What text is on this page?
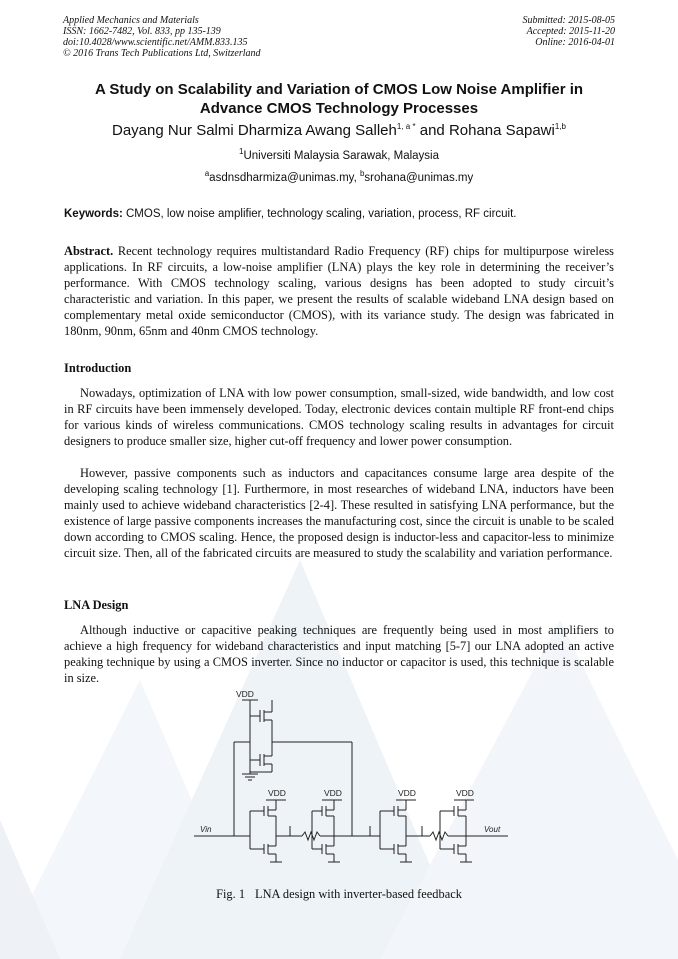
Applied Mechanics and Materials
ISSN: 1662-7482, Vol. 833, pp 135-139
doi:10.4028/www.scientific.net/AMM.833.135
© 2016 Trans Tech Publications Ltd, Switzerland
Submitted: 2015-08-05
Accepted: 2015-11-20
Online: 2016-04-01
A Study on Scalability and Variation of CMOS Low Noise Amplifier in
Advance CMOS Technology Processes
Dayang Nur Salmi Dharmiza Awang Salleh$^{1, a *}$ and Rohana Sapawi$^{1,b}$
$^1$Universiti Malaysia Sarawak, Malaysia
$^a$asdnsdharmiza@unimas.my, $^b$srohana@unimas.my
Keywords: CMOS, low noise amplifier, technology scaling, variation, process, RF circuit.
Abstract. Recent technology requires multistandard Radio Frequency (RF) chips for multipurpose wireless applications. In RF circuits, a low-noise amplifier (LNA) plays the key role in determining the receiver’s performance. With CMOS technology scaling, various designs has been adopted to study circuit’s characteristic and variation. In this paper, we present the results of scalable wideband LNA design based on complementary metal oxide semiconductor (CMOS), with its variance study. The design was fabricated in 180nm, 90nm, 65nm and 40nm CMOS technology.
Introduction
Nowadays, optimization of LNA with low power consumption, small-sized, wide bandwidth, and low cost in RF circuits have been immensely developed. Today, electronic devices contain multiple RF front-end chips for various kinds of wireless communications. CMOS technology scaling results in advantages for circuit designers to produce smaller size, higher cut-off frequency and lower power consumption.
However, passive components such as inductors and capacitances consume large area despite of the developing scaling technology [1]. Furthermore, in most researches of wideband LNA, inductors have been mainly used to achieve wideband characteristics [2-4]. These resulted in satisfying LNA performance, but the existence of large passive components increases the manufacturing cost, since the circuit is unable to be scaled down according to CMOS scaling. Hence, the proposed design is inductor-less and capacitor-less to minimize circuit size. Then, all of the fabricated circuits are measured to study the scalability and variation performance.
LNA Design
Although inductive or capacitive peaking techniques are frequently being used in most amplifiers to achieve a high frequency for wideband characteristics and input matching [5-7] our LNA adopted an active peaking technique by using a CMOS inverter. Since no inductor or capacitor is used, this technique is scalable in size.
VDD
VDD
Vin
VDD	VDD	VDD
Vout
Fig. 1 LNA design with inverter-based feedback
